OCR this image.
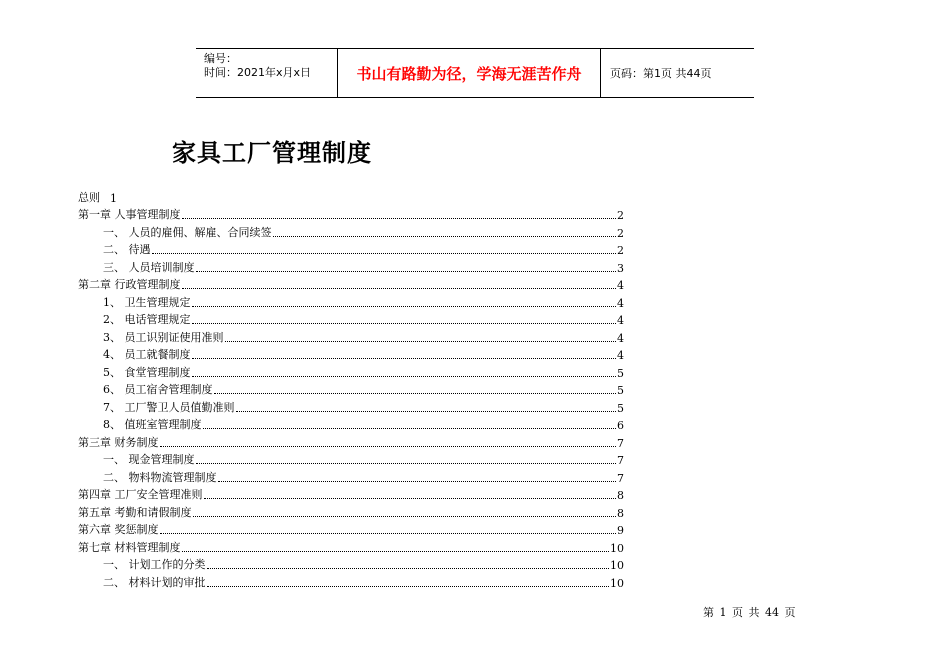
编号：
时间：2021年x月x日	书山有路勤为径，学海无涯苦作舟	页码：第1页 共44页
家具工厂管理制度
总则 1
第一章 人事管理制度	2
一、 人员的雇佣、解雇、合同续签	2
二、 待遇	2
三、 人员培训制度	3
第二章 行政管理制度	4
1、 卫生管理规定	4
2、 电话管理规定	4
3、 员工识别证使用准则	4
4、 员工就餐制度	4
5、 食堂管理制度	5
6、 员工宿舍管理制度	5
7、 工厂警卫人员值勤准则	5
8、 值班室管理制度	6
第三章 财务制度	7
一、 现金管理制度	7
二、 物料物流管理制度	7
第四章 工厂安全管理准则	8
第五章 考勤和请假制度	8
第六章 奖惩制度	9
第七章 材料管理制度	10
一、 计划工作的分类	10
二、 材料计划的审批	10
第 1 页 共 44 页
